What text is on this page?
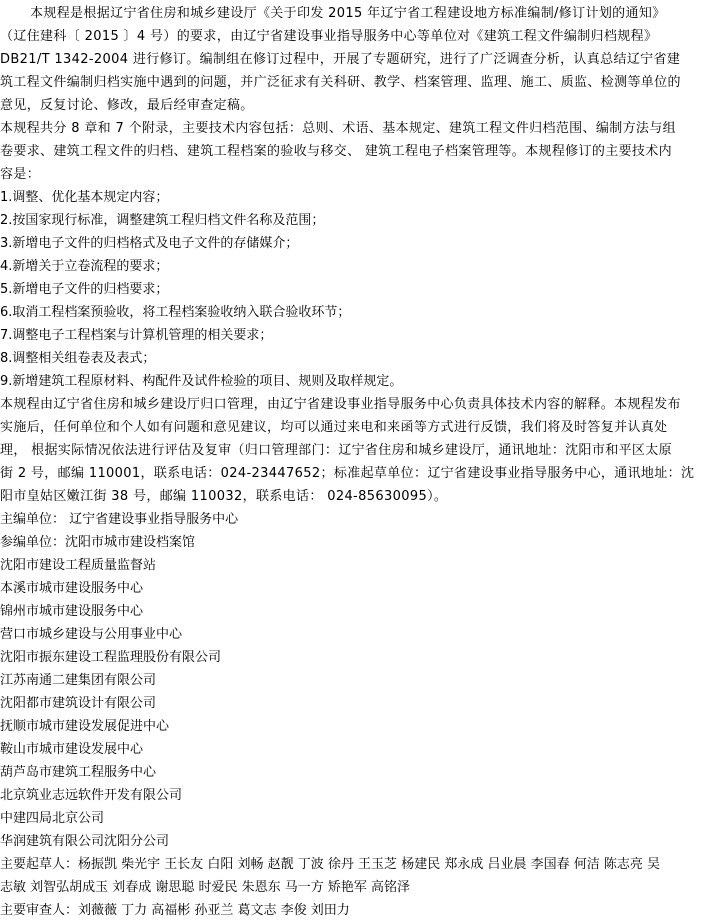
本规程是根据辽宁省住房和城乡建设厅《关于印发 2015 年辽宁省工程建设地方标准编制/修订计划的通知》
（辽住建科〔 2015 〕4 号）的要求，由辽宁省建设事业指导服务中心等单位对《建筑工程文件编制归档规程》
DB21/T 1342-2004 进行修订。编制组在修订过程中，开展了专题研究，进行了广泛调查分析，认真总结辽宁省建
筑工程文件编制归档实施中遇到的问题，并广泛征求有关科研、教学、档案管理、监理、施工、质监、检测等单位的
意见，反复讨论、修改，最后经审查定稿。
本规程共分 8 章和 7 个附录，主要技术内容包括：总则、术语、基本规定、建筑工程文件归档范围、编制方法与组
卷要求、建筑工程文件的归档、建筑工程档案的验收与移交、 建筑工程电子档案管理等。本规程修订的主要技术内
容是：
1.调整、优化基本规定内容；
2.按国家现行标准，调整建筑工程归档文件名称及范围；
3.新增电子文件的归档格式及电子文件的存储媒介；
4.新增关于立卷流程的要求；
5.新增电子文件的归档要求；
6.取消工程档案预验收，将工程档案验收纳入联合验收环节；
7.调整电子工程档案与计算机管理的相关要求；
8.调整相关组卷表及表式；
9.新增建筑工程原材料、构配件及试件检验的项目、规则及取样规定。
本规程由辽宁省住房和城乡建设厅归口管理，由辽宁省建设事业指导服务中心负责具体技术内容的解释。本规程发布
实施后，任何单位和个人如有问题和意见建议，均可以通过来电和来函等方式进行反馈，我们将及时答复并认真处
理， 根据实际情况依法进行评估及复审（归口管理部门：辽宁省住房和城乡建设厅，通讯地址：沈阳市和平区太原
街 2 号，邮编 110001，联系电话：024-23447652；标准起草单位：辽宁省建设事业指导服务中心，通讯地址：沈
阳市皇姑区嫩江街 38 号，邮编 110032，联系电话： 024-85630095）。
主编单位： 辽宁省建设事业指导服务中心
参编单位：沈阳市城市建设档案馆
沈阳市建设工程质量监督站
本溪市城市建设服务中心
锦州市城市建设服务中心
营口市城乡建设与公用事业中心
沈阳市振东建设工程监理股份有限公司
江苏南通二建集团有限公司
沈阳都市建筑设计有限公司
抚顺市城市建设发展促进中心
鞍山市城市建设发展中心
葫芦岛市建筑工程服务中心
北京筑业志远软件开发有限公司
中建四局北京公司
华润建筑有限公司沈阳分公司
主要起草人：杨振凯 柴光宇 王长友 白阳 刘畅 赵靓 丁波 徐丹 王玉芝 杨建民 郑永成 吕业晨 李国春 何洁 陈志亮 吴
志敏 刘智弘胡成玉 刘春成 谢思聪 时爱民 朱恩东 马一方 矫艳军 高铭泽
主要审查人：刘薇薇 丁力 高福彬 孙亚兰 葛文志 李俊 刘田力
